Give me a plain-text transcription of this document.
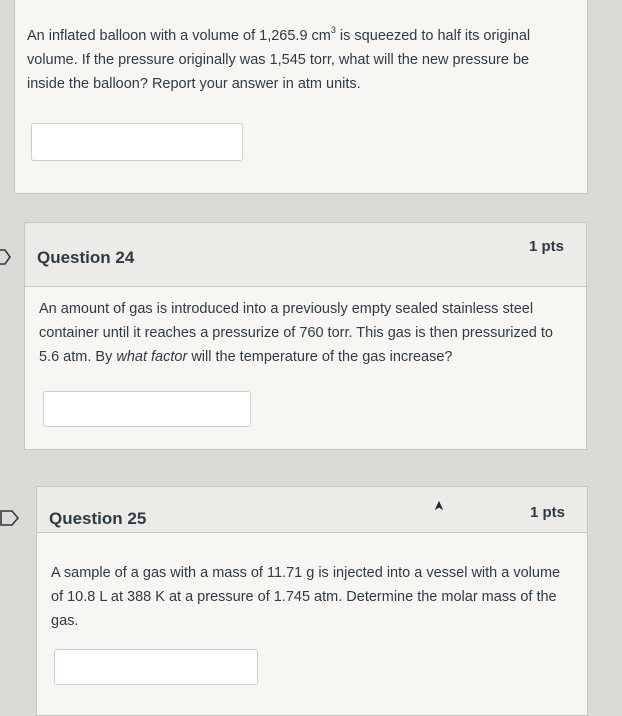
An inflated balloon with a volume of 1,265.9 $cm^3$ is squeezed to half its original volume. If the pressure originally was 1,545 torr, what will the new pressure be inside the balloon? Report your answer in atm units.
Question 24
1 pts
An amount of gas is introduced into a previously empty sealed stainless steel container until it reaches a pressurize of 760 torr. This gas is then pressurized to 5.6 atm. By what factor will the temperature of the gas increase?
Question 25	1 pts
A sample of a gas with a mass of 11.71 g is injected into a vessel with a volume of 10.8 L at 388 K at a pressure of 1.745 atm. Determine the molar mass of the gas.
